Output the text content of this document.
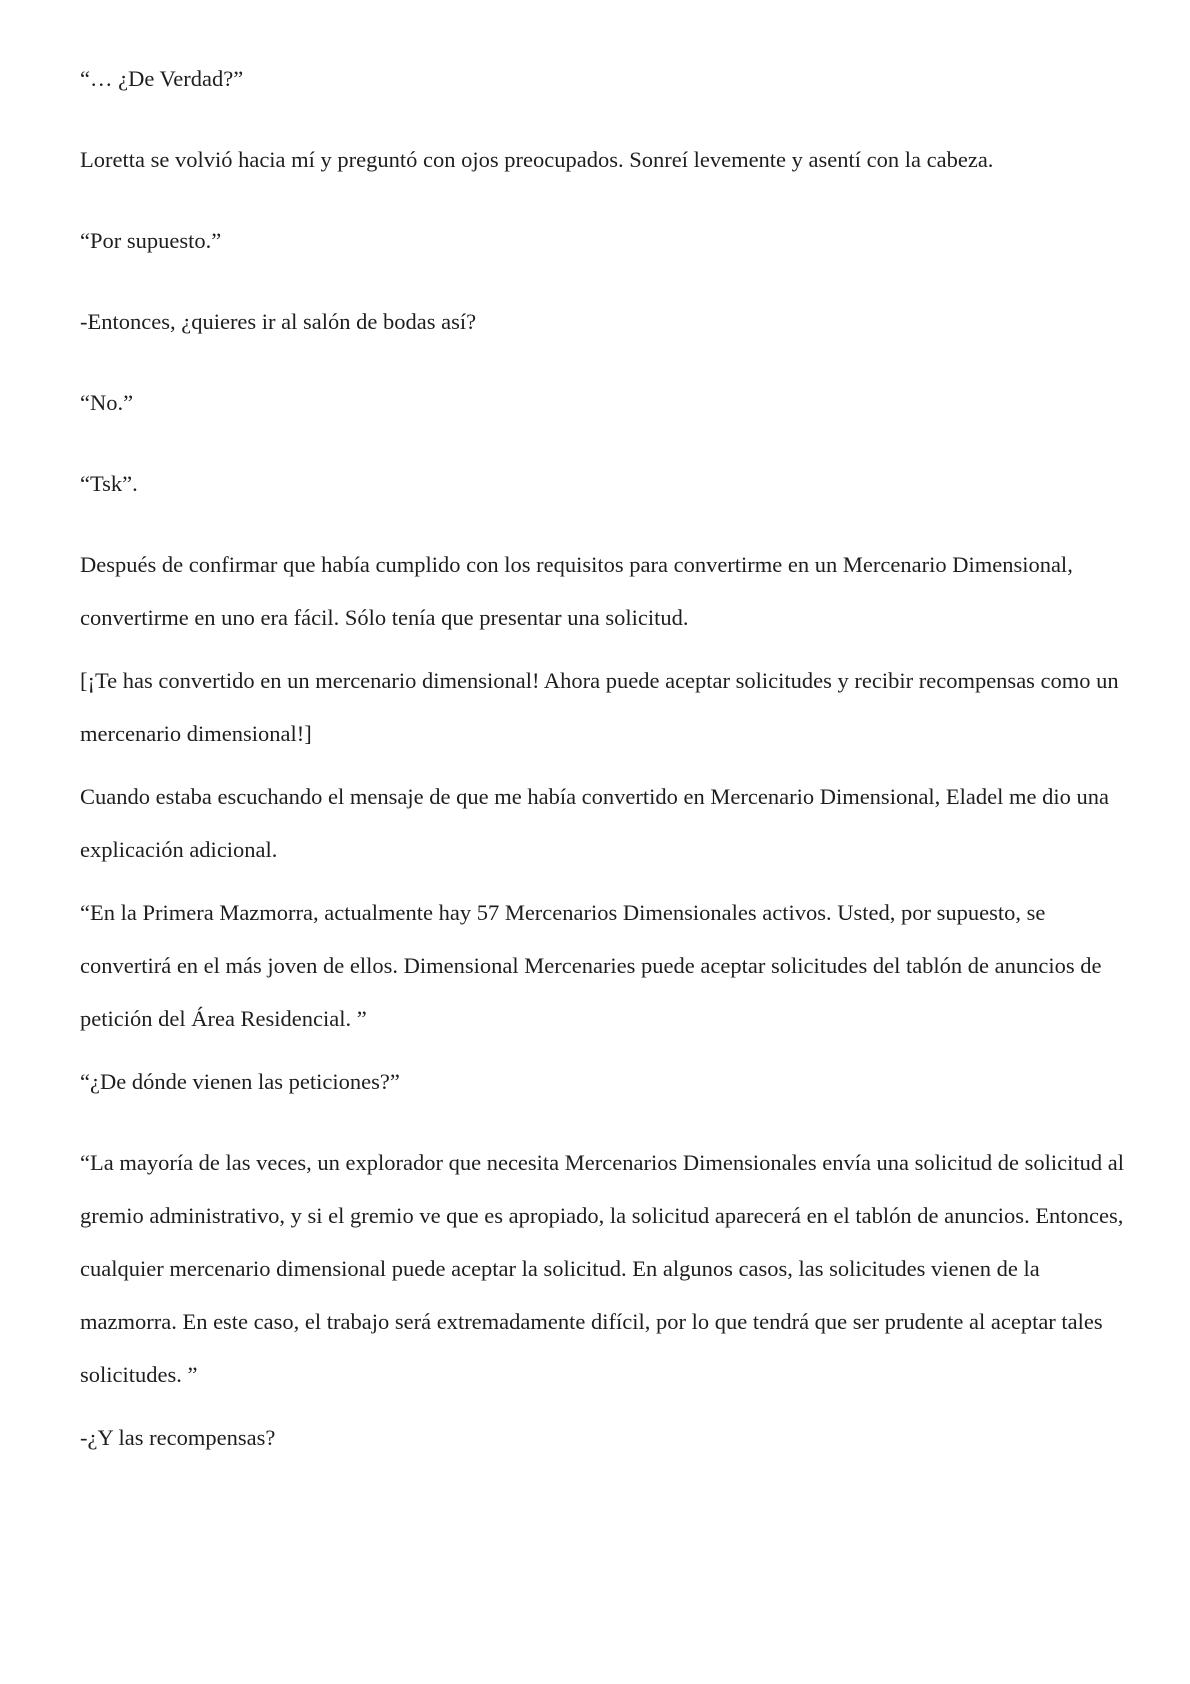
“… ¿De Verdad?”

Loretta se volvió hacia mí y preguntó con ojos preocupados. Sonreí levemente y asentí con la cabeza.

“Por supuesto.”

-Entonces, ¿quieres ir al salón de bodas así?

“No.”

“Tsk”.

Después de confirmar que había cumplido con los requisitos para convertirme en un Mercenario Dimensional, convertirme en uno era fácil. Sólo tenía que presentar una solicitud.

[¡Te has convertido en un mercenario dimensional! Ahora puede aceptar solicitudes y recibir recompensas como un mercenario dimensional!]

Cuando estaba escuchando el mensaje de que me había convertido en Mercenario Dimensional, Eladel me dio una explicación adicional.

“En la Primera Mazmorra, actualmente hay 57 Mercenarios Dimensionales activos. Usted, por supuesto, se convertirá en el más joven de ellos. Dimensional Mercenaries puede aceptar solicitudes del tablón de anuncios de petición del Área Residencial. ”

“¿De dónde vienen las peticiones?”

“La mayoría de las veces, un explorador que necesita Mercenarios Dimensionales envía una solicitud de solicitud al gremio administrativo, y si el gremio ve que es apropiado, la solicitud aparecerá en el tablón de anuncios. Entonces, cualquier mercenario dimensional puede aceptar la solicitud. En algunos casos, las solicitudes vienen de la mazmorra. En este caso, el trabajo será extremadamente difícil, por lo que tendrá que ser prudente al aceptar tales solicitudes. ”

-¿Y las recompensas?
